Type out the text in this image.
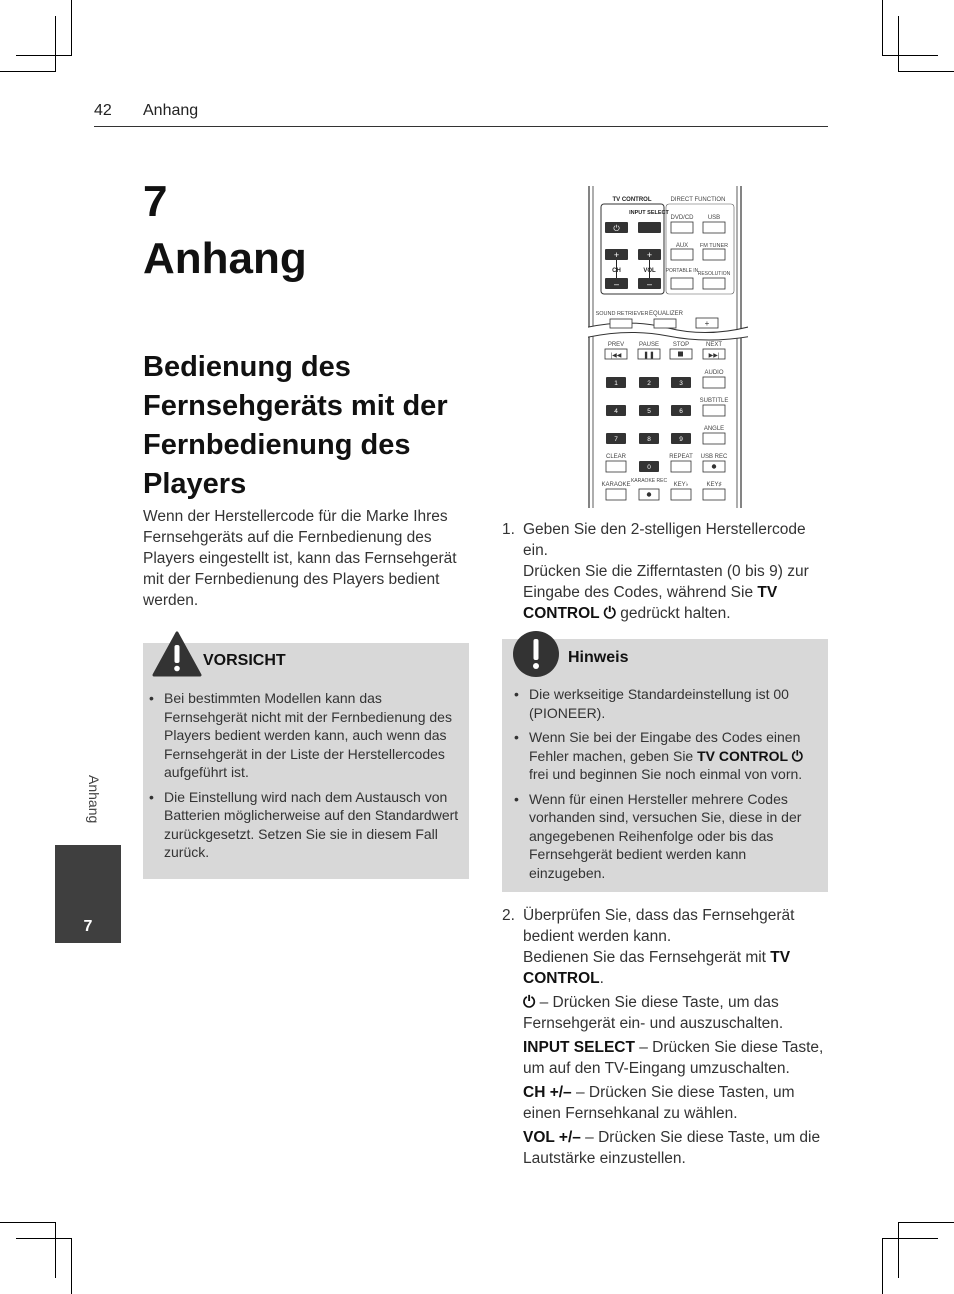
42 Anhang
7
Anhang
Bedienung des Fernsehgeräts mit der Fernbedienung des Players
Wenn der Herstellercode für die Marke Ihres Fernsehgeräts auf die Fernbedienung des Players eingestellt ist, kann das Fernsehgerät mit der Fernbedienung des Players bedient werden.
VORSICHT
• Bei bestimmten Modellen kann das Fernsehgerät nicht mit der Fernbedienung des Players bedient werden kann, auch wenn das Fernsehgerät in der Liste der Herstellercodes aufgeführt ist.
• Die Einstellung wird nach dem Austausch von Batterien möglicherweise auf den Standardwert zurückgesetzt. Setzen Sie sie in diesem Fall zurück.
Anhang
7
TV CONTROL	DIRECT FUNCTION
⏻
INPUT SELECT
+	+
CH	VOL
–	–
DVD/CD USB
AUX FM TUNER
PORTABLE IN RESOLUTION
SOUND RETRIEVER EQUALIZER
+
PREV
|◀◀
PAUSE
❚❚
STOP	NEXT
▶▶|
1	2	3
4	5	6
7	8	9
0
AUDIO
SUBTITLE
ANGLE
CLEAR	REPEAT USB REC
KARAOKE
KARAOKE REC
KEY♭	KEY♯
1. Geben Sie den 2-stelligen Herstellercode ein.
Drücken Sie die Zifferntasten (0 bis 9) zur Eingabe des Codes, während Sie TV CONTROL ⏻ gedrückt halten.
Hinweis
• Die werkseitige Standardeinstellung ist 00 (PIONEER).
• Wenn Sie bei der Eingabe des Codes einen Fehler machen, geben Sie TV CONTROL ⏻ frei und beginnen Sie noch einmal von vorn.
• Wenn für einen Hersteller mehrere Codes vorhanden sind, versuchen Sie, diese in der angegebenen Reihenfolge oder bis das Fernsehgerät bedient werden kann einzugeben.
2. Überprüfen Sie, dass das Fernsehgerät bedient werden kann.
Bedienen Sie das Fernsehgerät mit TV CONTROL.
⏻ – Drücken Sie diese Taste, um das Fernsehgerät ein- und auszuschalten.
INPUT SELECT – Drücken Sie diese Taste, um auf den TV-Eingang umzuschalten.
CH +/– – Drücken Sie diese Tasten, um einen Fernsehkanal zu wählen.
VOL +/– – Drücken Sie diese Taste, um die Lautstärke einzustellen.
